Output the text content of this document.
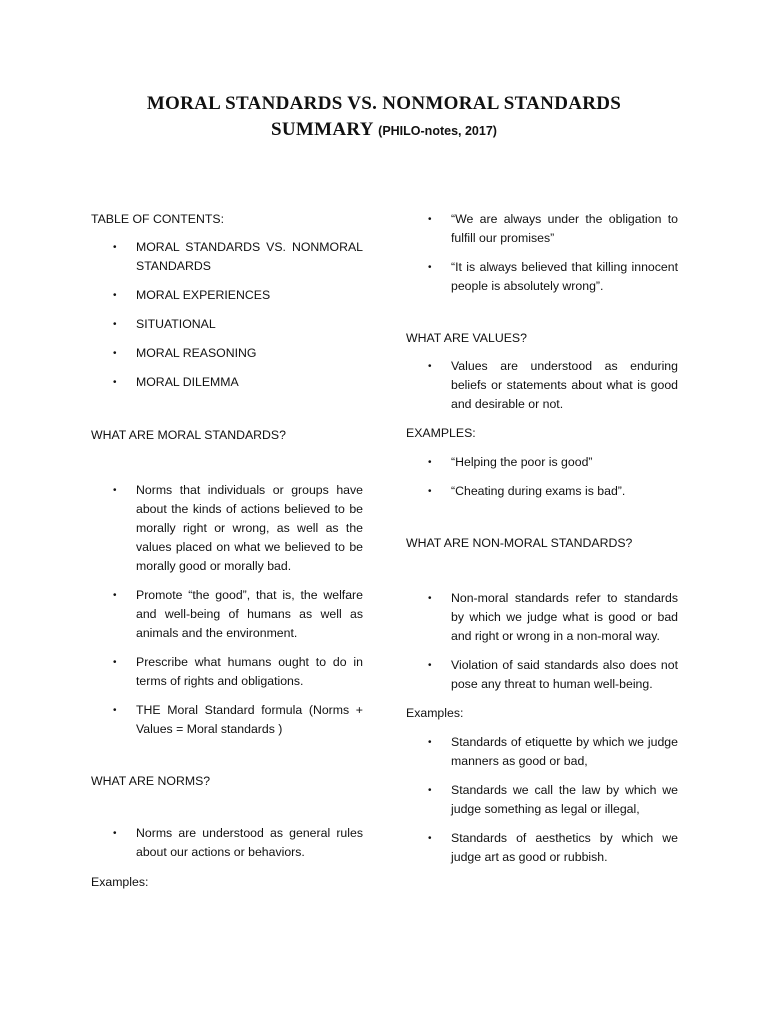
MORAL STANDARDS VS. NONMORAL STANDARDS
SUMMARY (PHILO-notes, 2017)
TABLE OF CONTENTS:
• MORAL STANDARDS VS. NONMORAL STANDARDS
• MORAL EXPERIENCES
• SITUATIONAL
• MORAL REASONING
• MORAL DILEMMA
WHAT ARE MORAL STANDARDS?
• Norms that individuals or groups have about the kinds of actions believed to be morally right or wrong, as well as the values placed on what we believed to be morally good or morally bad.
• Promote “the good”, that is, the welfare and well-being of humans as well as animals and the environment.
• Prescribe what humans ought to do in terms of rights and obligations.
• THE Moral Standard formula (Norms + Values = Moral standards )
WHAT ARE NORMS?
• Norms are understood as general rules about our actions or behaviors.
Examples:
• “We are always under the obligation to fulfill our promises”
• “It is always believed that killing innocent people is absolutely wrong”.
WHAT ARE VALUES?
• Values are understood as enduring beliefs or statements about what is good and desirable or not.
EXAMPLES:
• “Helping the poor is good”
• “Cheating during exams is bad”.
WHAT ARE NON-MORAL STANDARDS?
• Non-moral standards refer to standards by which we judge what is good or bad and right or wrong in a non-moral way.
• Violation of said standards also does not pose any threat to human well-being.
Examples:
• Standards of etiquette by which we judge manners as good or bad,
• Standards we call the law by which we judge something as legal or illegal,
• Standards of aesthetics by which we judge art as good or rubbish.
